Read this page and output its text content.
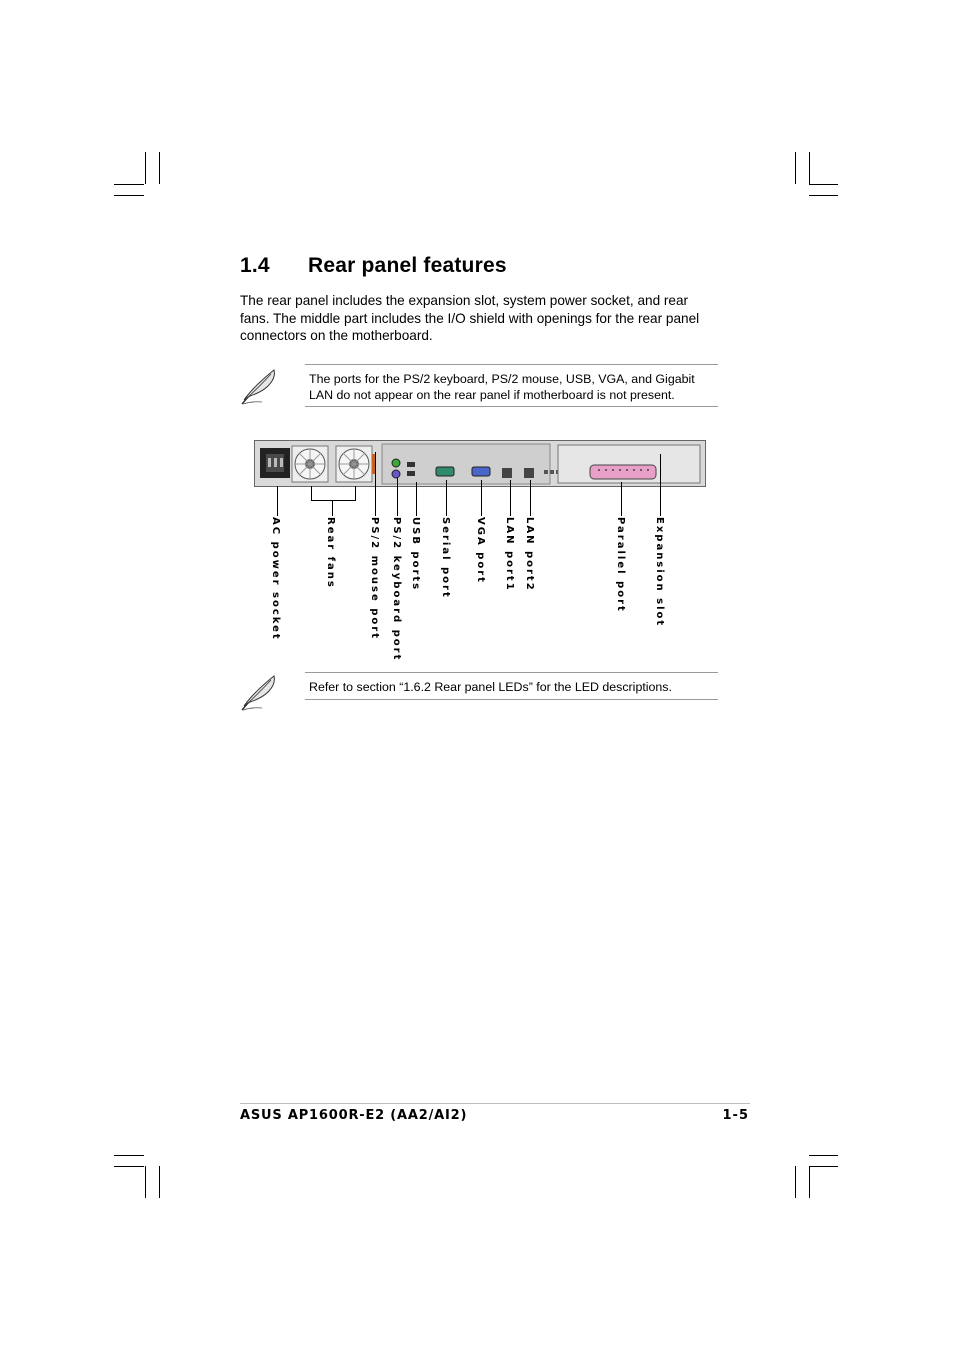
1.4 Rear panel features

The rear panel includes the expansion slot, system power socket, and rear fans. The middle part includes the I/O shield with openings for the rear panel connectors on the motherboard.

The ports for the PS/2 keyboard, PS/2 mouse, USB, VGA, and Gigabit LAN do not appear on the rear panel if motherboard is not present.
AC power socket	Rear fans	PS/2 mouse port PS/2 keyboard port USB ports Serial port VGA port LAN port1 LAN port2	Parallel port	Expansion slot
Refer to section “1.6.2 Rear panel LEDs” for the LED descriptions.
ASUS AP1600R-E2 (AA2/AI2)	1-5
